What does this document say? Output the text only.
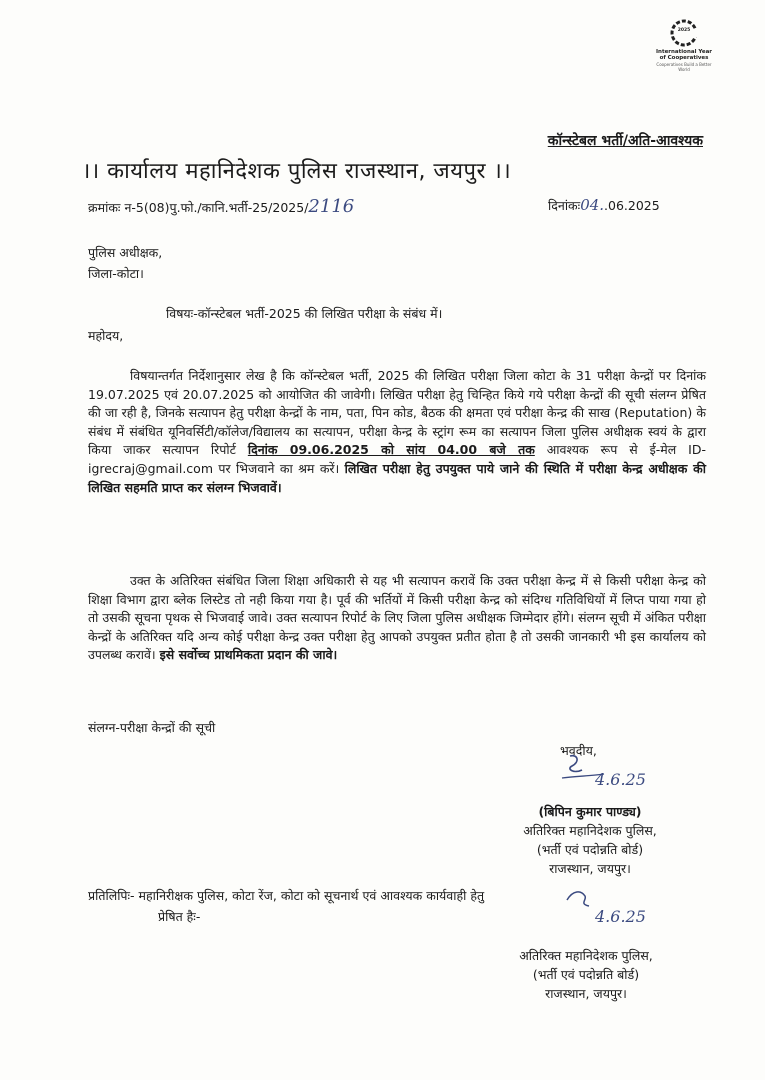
2025
International Year
of Cooperatives
Cooperatives Build a Better World
कॉन्स्टेबल भर्ती/अति-आवश्यक
।। कार्यालय महानिदेशक पुलिस राजस्थान, जयपुर ।।
क्रमांकः न-5(08)पु.फो./कानि.भर्ती-25/2025/2116	दिनांकः04..06.2025
पुलिस अधीक्षक,
जिला-कोटा।
विषयः-कॉन्स्टेबल भर्ती-2025 की लिखित परीक्षा के संबंध में।
महोदय,

विषयान्तर्गत निर्देशानुसार लेख है कि कॉन्स्टेबल भर्ती, 2025 की लिखित परीक्षा जिला कोटा के 31 परीक्षा केन्द्रों पर दिनांक 19.07.2025 एवं 20.07.2025 को आयोजित की जावेगी। लिखित परीक्षा हेतु चिन्हित किये गये परीक्षा केन्द्रों की सूची संलग्न प्रेषित की जा रही है, जिनके सत्यापन हेतु परीक्षा केन्द्रों के नाम, पता, पिन कोड, बैठक की क्षमता एवं परीक्षा केन्द्र की साख (Reputation) के संबंध में संबंधित यूनिवर्सिटी/कॉलेज/विद्यालय का सत्यापन, परीक्षा केन्द्र के स्ट्रांग रूम का सत्यापन जिला पुलिस अधीक्षक स्वयं के द्वारा किया जाकर सत्यापन रिपोर्ट दिनांक 09.06.2025 को सांय 04.00 बजे तक आवश्यक रूप से ई-मेल ID- igrecraj@gmail.com पर भिजवाने का श्रम करें। लिखित परीक्षा हेतु उपयुक्त पाये जाने की स्थिति में परीक्षा केन्द्र अधीक्षक की लिखित सहमति प्राप्त कर संलग्न भिजवावें।

उक्त के अतिरिक्त संबंधित जिला शिक्षा अधिकारी से यह भी सत्यापन करावें कि उक्त परीक्षा केन्द्र में से किसी परीक्षा केन्द्र को शिक्षा विभाग द्वारा ब्लेक लिस्टेड तो नही किया गया है। पूर्व की भर्तियों में किसी परीक्षा केन्द्र को संदिग्ध गतिविधियों में लिप्त पाया गया हो तो उसकी सूचना पृथक से भिजवाई जावे। उक्त सत्यापन रिपोर्ट के लिए जिला पुलिस अधीक्षक जिम्मेदार होंगे। संलग्न सूची में अंकित परीक्षा केन्द्रों के अतिरिक्त यदि अन्य कोई परीक्षा केन्द्र उक्त परीक्षा हेतु आपको उपयुक्त प्रतीत होता है तो उसकी जानकारी भी इस कार्यालय को उपलब्ध करावें। इसे सर्वोच्च प्राथमिकता प्रदान की जावे।

संलग्न-परीक्षा केन्द्रों की सूची
भवदीय,
4.6.25
(बिपिन कुमार पाण्ड्य)
अतिरिक्त महानिदेशक पुलिस,
(भर्ती एवं पदोन्नति बोर्ड)
राजस्थान, जयपुर।
प्रतिलिपिः- महानिरीक्षक पुलिस, कोटा रेंज, कोटा को सूचनार्थ एवं आवश्यक कार्यवाही हेतु
प्रेषित हैः-	4.6.25
अतिरिक्त महानिदेशक पुलिस,
(भर्ती एवं पदोन्नति बोर्ड)
राजस्थान, जयपुर।
